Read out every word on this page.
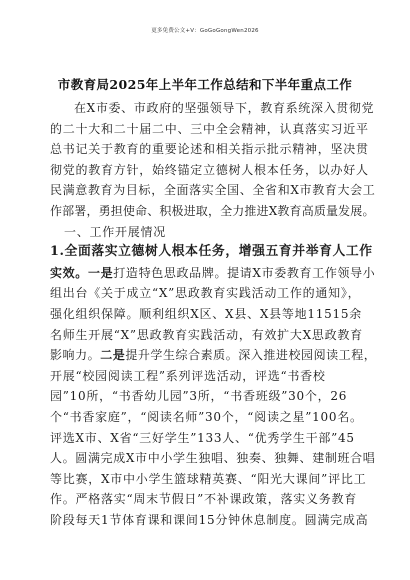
更多免费公文+V：GoGoGongWen2026
市教育局2025年上半年工作总结和下半年重点工作
在X市委、市政府的坚强领导下，教育系统深入贯彻党
的二十大和二十届二中、三中全会精神，认真落实习近平
总书记关于教育的重要论述和相关指示批示精神，坚决贯
彻党的教育方针，始终锚定立德树人根本任务，以办好人
民满意教育为目标，全面落实全国、全省和X市教育大会工
作部署，勇担使命、积极进取，全力推进X教育高质量发展。
一、工作开展情况
1.全面落实立德树人根本任务，增强五育并举育人工作
实效。一是打造特色思政品牌。提请X市委教育工作领导小
组出台《关于成立“X”思政教育实践活动工作的通知》，
强化组织保障。顺利组织X区、X县、X县等地11515余
名师生开展“X”思政教育实践活动，有效扩大X思政教育
影响力。二是提升学生综合素质。深入推进校园阅读工程，
开展“校园阅读工程”系列评选活动，评选“书香校
园”10所，“书香幼儿园”3所，“书香班级”30个，26
个“书香家庭”，“阅读名师”30个，“阅读之星”100名。
评选X市、X省“三好学生”133人、“优秀学生干部”45
人。圆满完成X市中小学生独唱、独奏、独舞、建制班合唱
等比赛，X市中小学生篮球精英赛、“阳光大课间”评比工
作。严格落实“周末节假日”不补课政策，落实义务教育
阶段每天1节体育课和课间15分钟休息制度。圆满完成高
